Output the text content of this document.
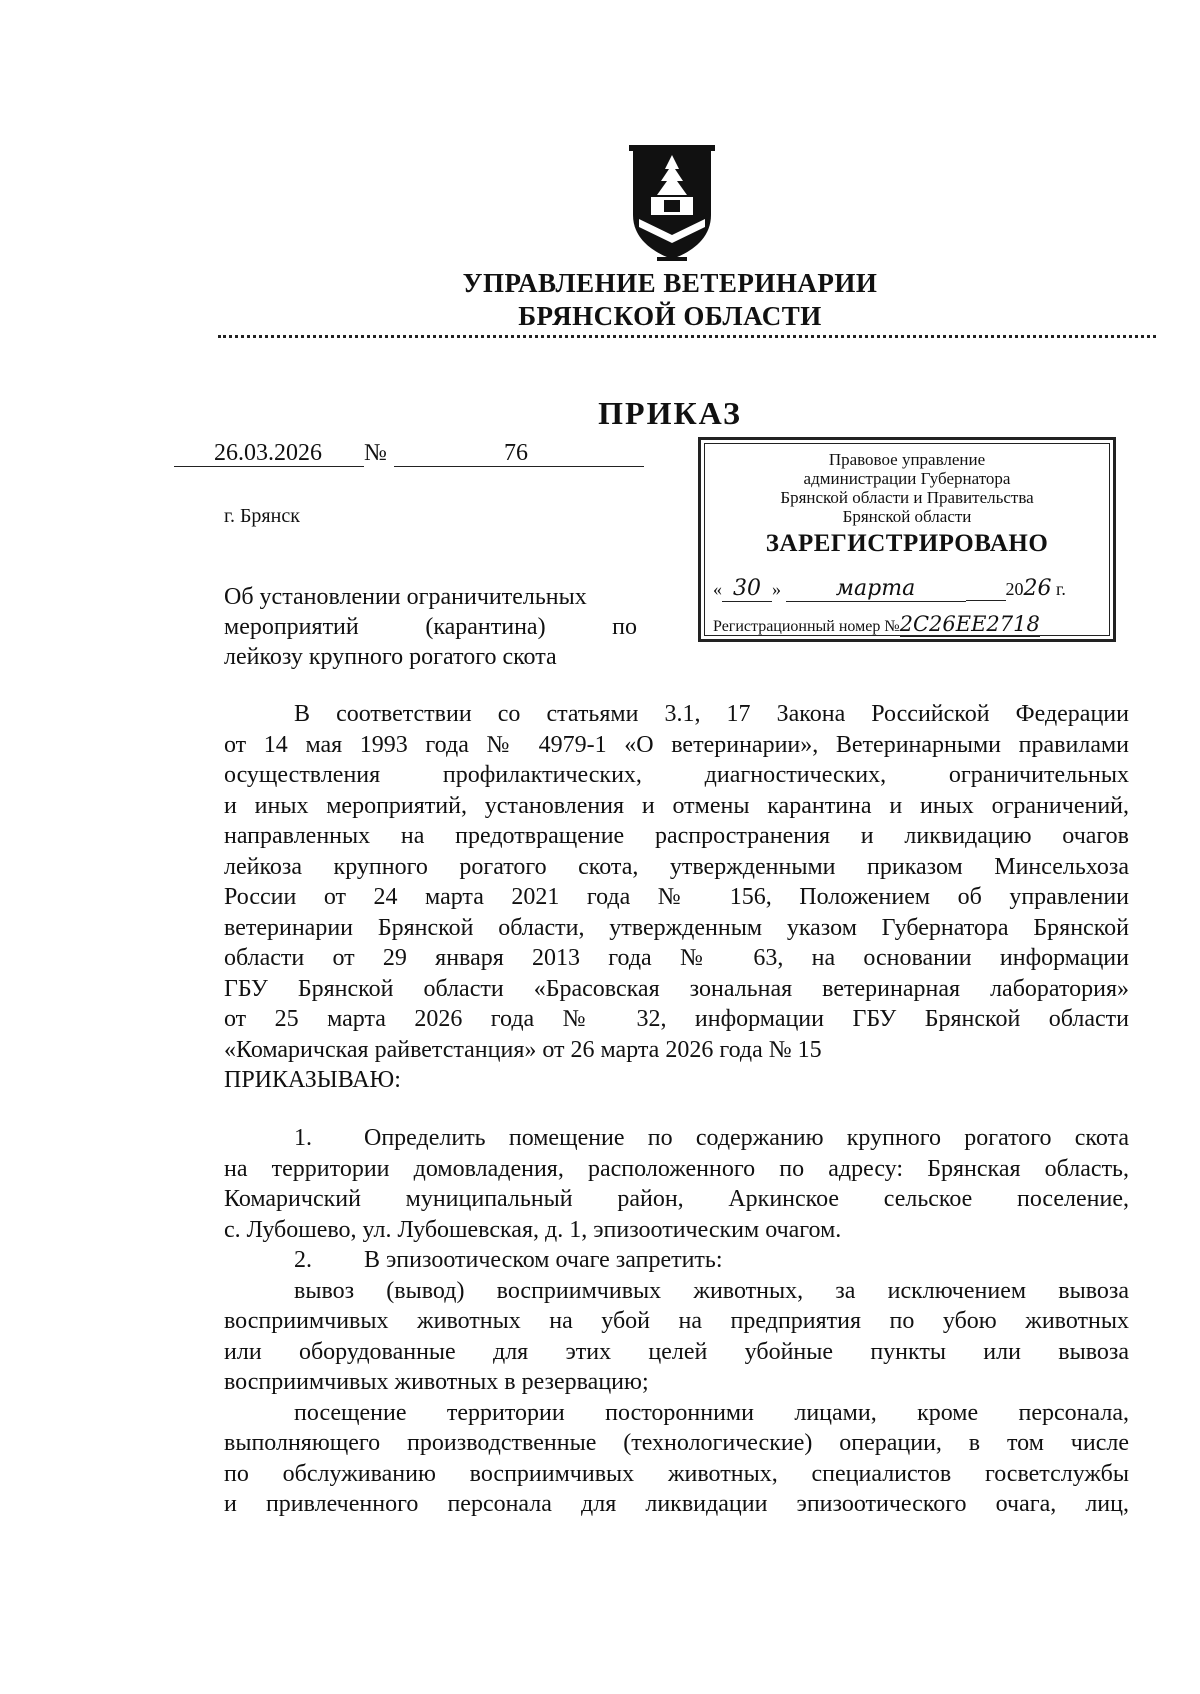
УПРАВЛЕНИЕ ВЕТЕРИНАРИИ
БРЯНСКОЙ ОБЛАСТИ
ПРИКАЗ
26.03.2026 №	76
г. Брянск
Об установлении ограничительных
мероприятий (карантина) по
лейкозу крупного рогатого скота
Правовое управление
администрации Губернатора
Брянской области и Правительства
Брянской области
ЗАРЕГИСТРИРОВАНО
« 30 » марта	2026 г.
Регистрационный номер №2С26ЕЕ2718
В соответствии со статьями 3.1, 17 Закона Российской Федерации
от 14 мая 1993 года № 4979-1 «О ветеринарии», Ветеринарными правилами
осуществления профилактических, диагностических, ограничительных
и иных мероприятий, установления и отмены карантина и иных ограничений,
направленных на предотвращение распространения и ликвидацию очагов
лейкоза крупного рогатого скота, утвержденными приказом Минсельхоза
России от 24 марта 2021 года № 156, Положением об управлении
ветеринарии Брянской области, утвержденным указом Губернатора Брянской
области от 29 января 2013 года № 63, на основании информации
ГБУ Брянской области «Брасовская зональная ветеринарная лаборатория»
от 25 марта 2026 года № 32, информации ГБУ Брянской области
«Комаричская райветстанция» от 26 марта 2026 года № 15
ПРИКАЗЫВАЮ:
1. Определить помещение по содержанию крупного рогатого скота
на территории домовладения, расположенного по адресу: Брянская область,
Комаричский муниципальный район, Аркинское сельское поселение,
с. Лубошево, ул. Лубошевская, д. 1, эпизоотическим очагом.
2. В эпизоотическом очаге запретить:
вывоз (вывод) восприимчивых животных, за исключением вывоза
восприимчивых животных на убой на предприятия по убою животных
или оборудованные для этих целей убойные пункты или вывоза
восприимчивых животных в резервацию;
посещение территории посторонними лицами, кроме персонала,
выполняющего производственные (технологические) операции, в том числе
по обслуживанию восприимчивых животных, специалистов госветслужбы
и привлеченного персонала для ликвидации эпизоотического очага, лиц,
